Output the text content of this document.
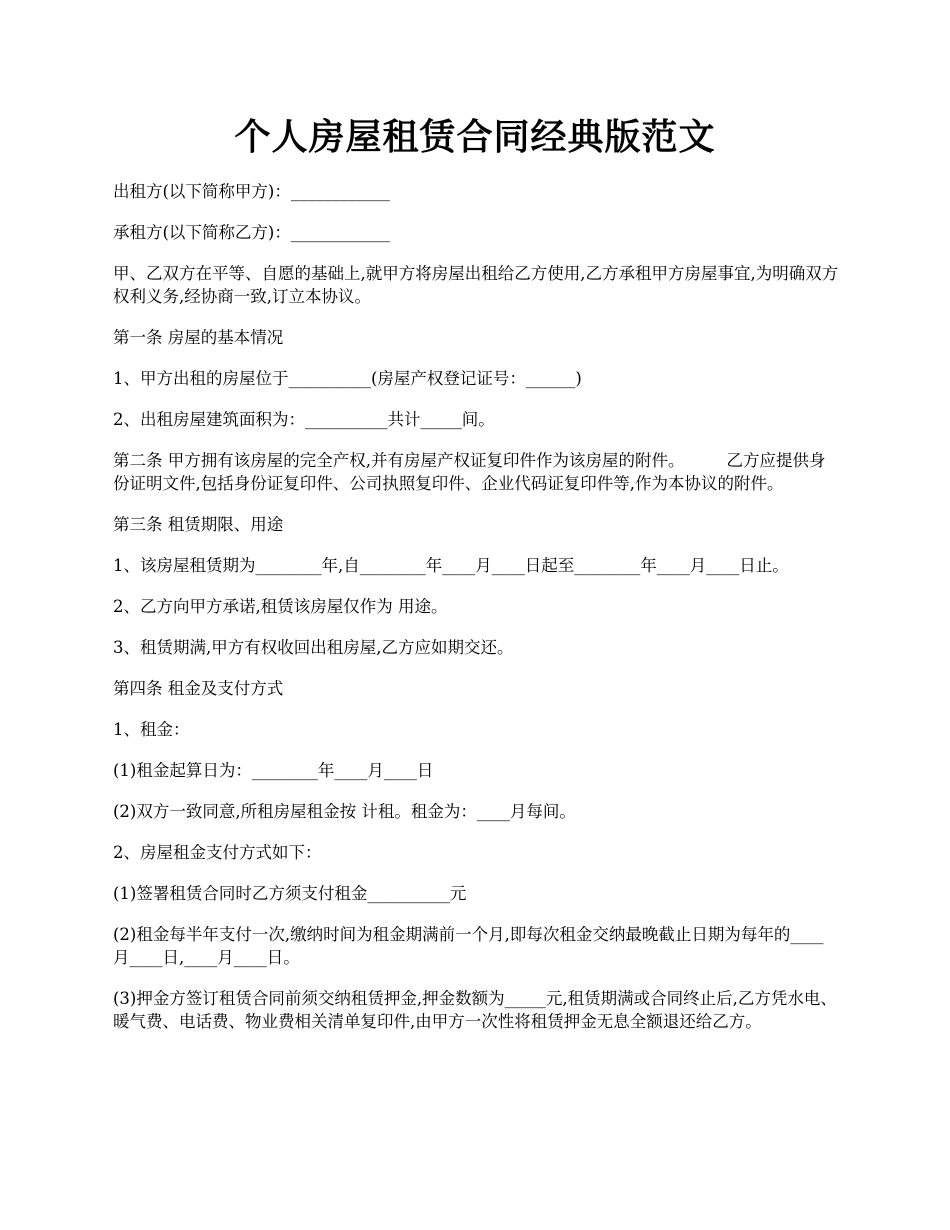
个人房屋租赁合同经典版范文

出租方(以下简称甲方)：____________

承租方(以下简称乙方)：____________

甲、乙双方在平等、自愿的基础上,就甲方将房屋出租给乙方使用,乙方承租甲方房屋事宜,为明确双方权利义务,经协商一致,订立本协议。

第一条 房屋的基本情况

1、甲方出租的房屋位于__________(房屋产权登记证号：______)

2、出租房屋建筑面积为：__________共计_____间。

第二条 甲方拥有该房屋的完全产权,并有房屋产权证复印件作为该房屋的附件。        乙方应提供身份证明文件,包括身份证复印件、公司执照复印件、企业代码证复印件等,作为本协议的附件。

第三条 租赁期限、用途

1、该房屋租赁期为________年,自________年____月____日起至________年____月____日止。

2、乙方向甲方承诺,租赁该房屋仅作为 用途。

3、租赁期满,甲方有权收回出租房屋,乙方应如期交还。

第四条 租金及支付方式

1、租金：

(1)租金起算日为：________年____月____日

(2)双方一致同意,所租房屋租金按 计租。租金为：____月每间。

2、房屋租金支付方式如下：

(1)签署租赁合同时乙方须支付租金__________元

(2)租金每半年支付一次,缴纳时间为租金期满前一个月,即每次租金交纳最晚截止日期为每年的____月____日,____月____日。

(3)押金方签订租赁合同前须交纳租赁押金,押金数额为_____元,租赁期满或合同终止后,乙方凭水电、暖气费、电话费、物业费相关清单复印件,由甲方一次性将租赁押金无息全额退还给乙方。
